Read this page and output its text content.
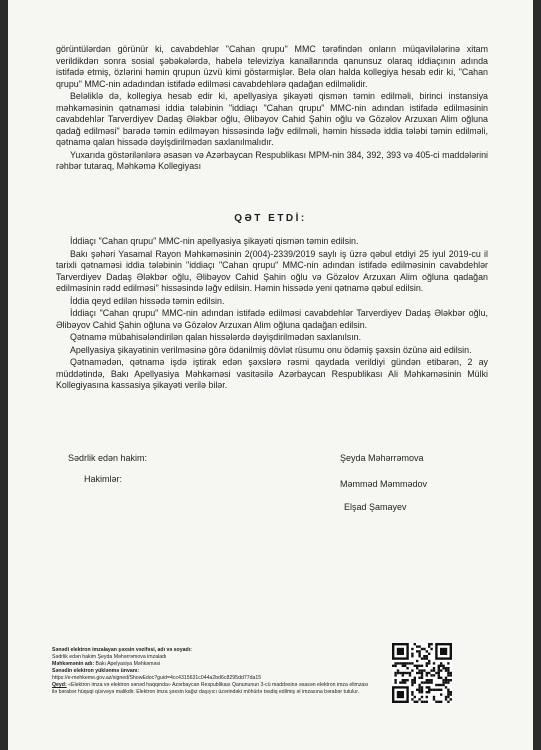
görüntülərdən görünür ki, cavabdehlər "Cahan qrupu" MMC tərəfindən onların müqavilələrinə xitam verildikdən sonra sosial şəbəkələrdə, habelə televiziya kanallarında qanunsuz olaraq iddiaçının adında istifadə etmiş, özlərini həmin qrupun üzvü kimi göstərmişlər. Belə olan halda kollegiya hesab edir ki, "Cahan qrupu" MMC-nin adadından istifadə edilməsi cavabdehlərə qadağan edilməlidir.

Beləliklə də, kollegiya hesab edir ki, apellyasiya şikayəti qismən təmin edilməli, birinci instansiya məhkəməsinin qətnaməsi iddia tələbinin "iddiaçı "Cahan qrupu" MMC-nin adından istifadə edilməsinin cavabdehlər Tarverdiyev Dadaş Ələkbər oğlu, Əlibəyov Cahid Şahin oğlu və Gözəlov Arzuxan Alim oğluna qadağ edilməsi" barədə təmin edilməyən hissəsində ləğv edilməli, həmin hissədə iddia tələbi təmin edilməli, qətnamə qalan hissədə dəyişdirilmədən saxlanılmalıdır.

Yuxarıda göstərilənlərə əsasən və Azərbaycan Respublikası MPM-nin 384, 392, 393 və 405-ci maddələrini rəhbər tutaraq, Məhkəmə Kollegiyası

QƏT ETDİ:

İddiaçı "Cahan qrupu" MMC-nin apellyasiya şikayəti qismən təmin edilsin.

Bakı şəhəri Yasamal Rayon Məhkəməsinin 2(004)-2339/2019 saylı iş üzrə qəbul etdiyi 25 iyul 2019-cu il tarixli qətnaməsi iddia tələbinin "iddiaçı "Cahan qrupu" MMC-nin adından istifadə edilməsinin cavabdehlər Tarverdiyev Dadaş Ələkbər oğlu, Əlibəyov Cahid Şahin oğlu və Gözəlov Arzuxan Alim oğluna qadağan edilməsinin rədd edilməsi" hissəsində ləğv edilsin. Həmin hissədə yeni qətnamə qəbul edilsin.

İddia qeyd edilən hissədə təmin edilsin.

İddiaçı "Cahan qrupu" MMC-nin adından istifadə edilməsi cavabdehlər Tarverdiyev Dadaş Ələkbər oğlu, Əlibəyov Cahid Şahin oğluna və Gözəlov Arzuxan Alim oğluna qadağan edilsin.

Qətnamə mübahisələndirilən qalan hissələrdə dəyişdirilmədən saxlanılsın.

Apellyasiya şikayətinin verilməsinə görə ödənilmiş dövlət rüsumu onu ödəmiş şəxsin özünə aid edilsin.

Qətnamədən, qətnamə işdə iştirak edən şəxslərə rəsmi qaydada verildiyi gündən etibarən, 2 ay müddətində, Bakı Apellyasiya Məhkəməsi vasitəsilə Azərbaycan Respublikası Ali Məhkəməsinin Mülki Kollegiyasına kassasiya şikayəti verilə bilər.

Sədrlik edən hakim:	Şeyda Məhərrəmova
Hakimlər:	Məmməd Məmmədov
Elşad Şamayev
Sənədi elektron imzalayan şəxsin vəzifəsi, adı və soyadı:
Sədrlik edən hakim Şeyda Məhərrəmova imzaladı
Məhkəmənin adı: Bakı Apelyasiya Məhkəməsi
Sənədin elektron yüklənmə ünvanı:
https://e-mehkeme.gov.az/signed/ShowEdoc?guid=4cc4315631c044a2bd6c8295dd77da15
Qeyd: «Elektron imza və elektron sənəd haqqında» Azərbaycan Respublikası Qanununun 3-cü maddəsinə əsasən elektron imza elimzası ilə bərabər hüquqi qüvvəyə malikdir. Elektron imza şəxsin kağız daşıyıcı üzərindəki möhürlə təsdiq edilmiş əl imzasına bərabər tutulur.
